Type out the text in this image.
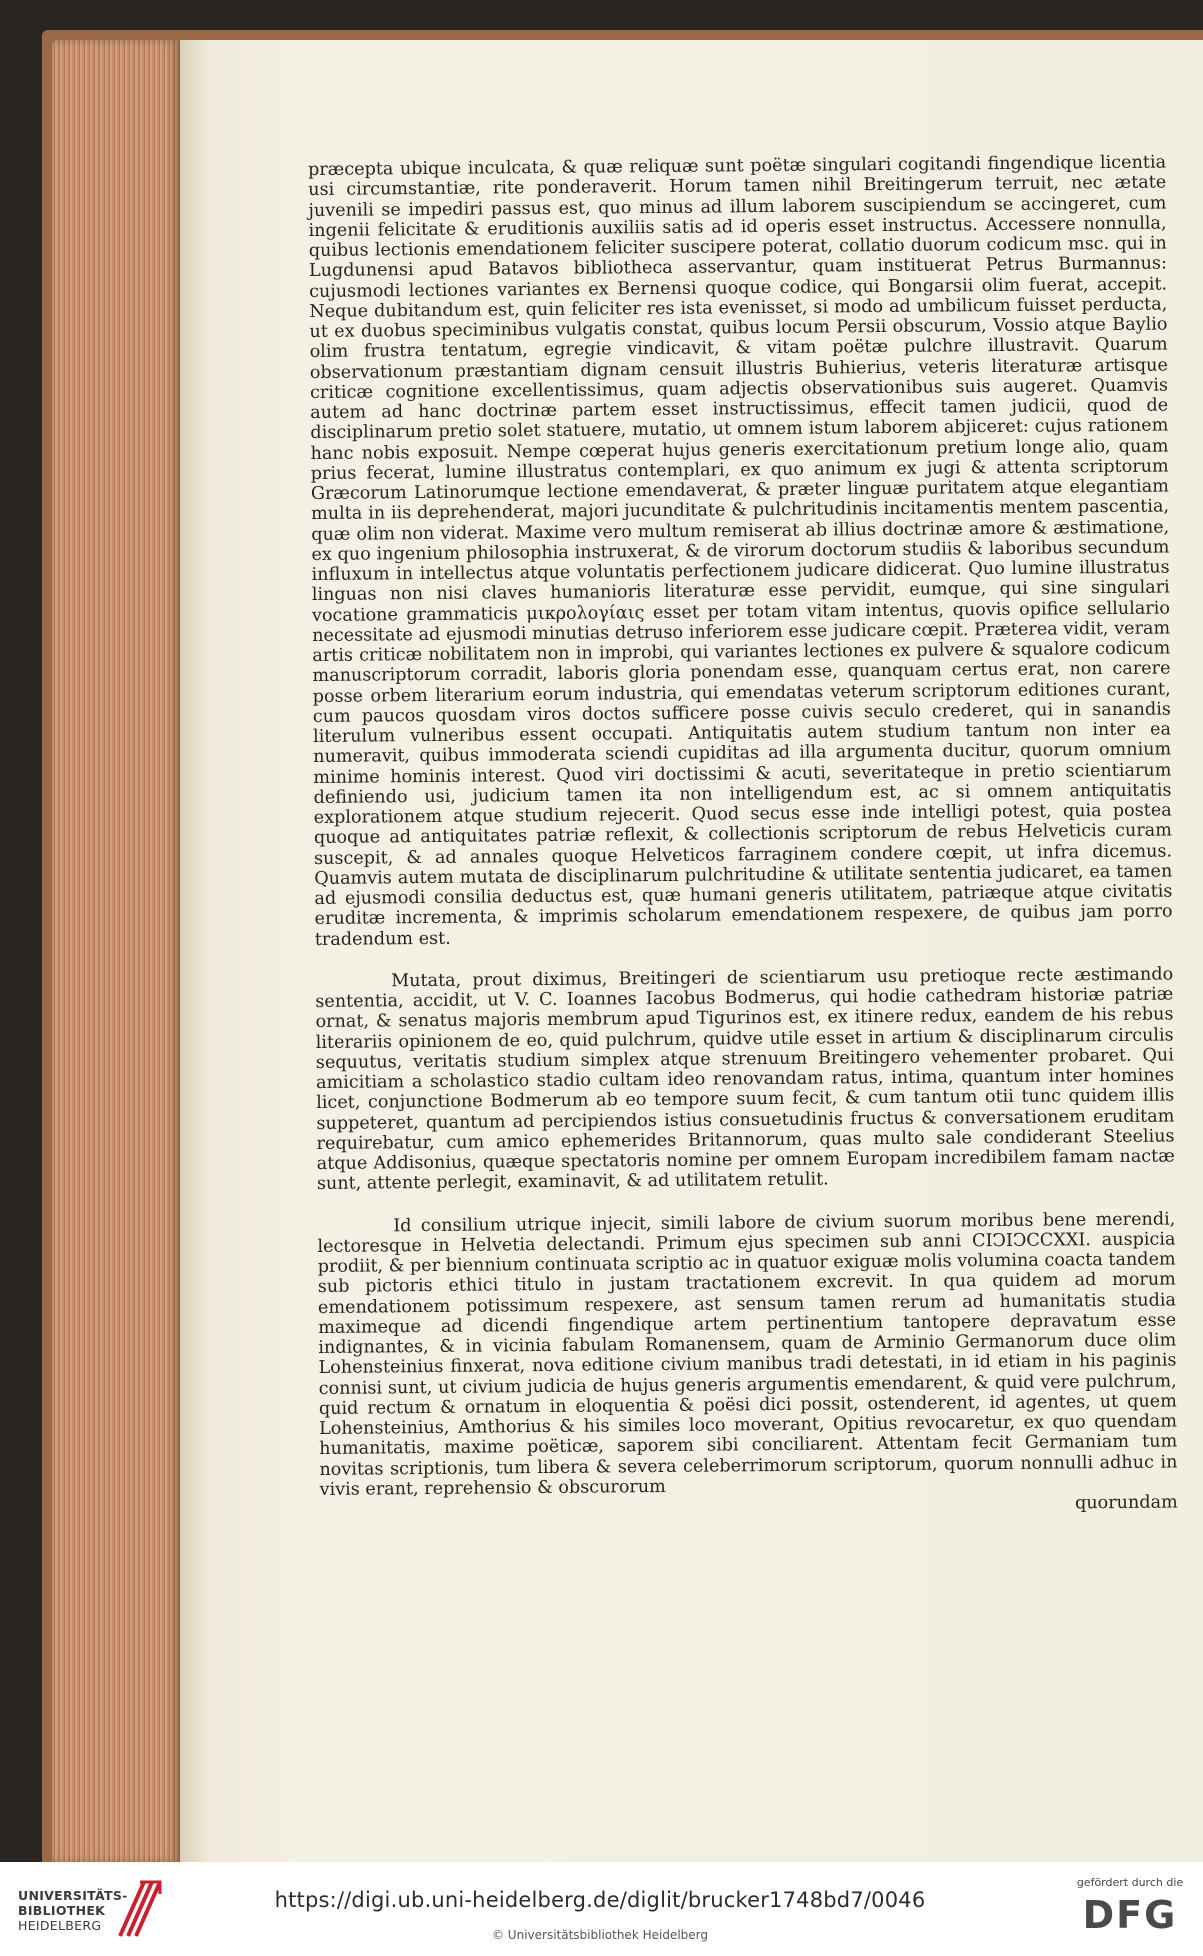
præcepta ubique inculcata, & quæ reliquæ sunt poëtæ singulari cogitandi fingendique licentia usi circumstantiæ, rite ponderaverit. Horum tamen nihil Breitingerum terruit, nec ætate juvenili se impediri passus est, quo minus ad illum laborem suscipiendum se accingeret, cum ingenii felicitate & eruditionis auxiliis satis ad id operis esset instructus. Accessere nonnulla, quibus lectionis emendationem feliciter suscipere poterat, collatio duorum codicum msc. qui in Lugdunensi apud Batavos bibliotheca asservantur, quam instituerat Petrus Burmannus: cujusmodi lectiones variantes ex Bernensi quoque codice, qui Bongarsii olim fuerat, accepit. Neque dubitandum est, quin feliciter res ista evenisset, si modo ad umbilicum fuisset perducta, ut ex duobus speciminibus vulgatis constat, quibus locum Persii obscurum, Vossio atque Baylio olim frustra tentatum, egregie vindicavit, & vitam poëtæ pulchre illustravit. Quarum observationum præstantiam dignam censuit illustris Buhierius, veteris literaturæ artisque criticæ cognitione excellentissimus, quam adjectis observationibus suis augeret. Quamvis autem ad hanc doctrinæ partem esset instructissimus, effecit tamen judicii, quod de disciplinarum pretio solet statuere, mutatio, ut omnem istum laborem abjiceret: cujus rationem hanc nobis exposuit. Nempe cœperat hujus generis exercitationum pretium longe alio, quam prius fecerat, lumine illustratus contemplari, ex quo animum ex jugi & attenta scriptorum Græcorum Latinorumque lectione emendaverat, & præter linguæ puritatem atque elegantiam multa in iis deprehenderat, majori jucunditate & pulchritudinis incitamentis mentem pascentia, quæ olim non viderat. Maxime vero multum remiserat ab illius doctrinæ amore & æstimatione, ex quo ingenium philosophia instruxerat, & de virorum doctorum studiis & laboribus secundum influxum in intellectus atque voluntatis perfectionem judicare didicerat. Quo lumine illustratus linguas non nisi claves humanioris literaturæ esse pervidit, eumque, qui sine singulari vocatione grammaticis μικρολογίαις esset per totam vitam intentus, quovis opifice sellulario necessitate ad ejusmodi minutias detruso inferiorem esse judicare cœpit. Præterea vidit, veram artis criticæ nobilitatem non in improbi, qui variantes lectiones ex pulvere & squalore codicum manuscriptorum corradit, laboris gloria ponendam esse, quanquam certus erat, non carere posse orbem literarium eorum industria, qui emendatas veterum scriptorum editiones curant, cum paucos quosdam viros doctos sufficere posse cuivis seculo crederet, qui in sanandis literulum vulneribus essent occupati. Antiquitatis autem studium tantum non inter ea numeravit, quibus immoderata sciendi cupiditas ad illa argumenta ducitur, quorum omnium minime hominis interest. Quod viri doctissimi & acuti, severitateque in pretio scientiarum definiendo usi, judicium tamen ita non intelligendum est, ac si omnem antiquitatis explorationem atque studium rejecerit. Quod secus esse inde intelligi potest, quia postea quoque ad antiquitates patriæ reflexit, & collectionis scriptorum de rebus Helveticis curam suscepit, & ad annales quoque Helveticos farraginem condere cœpit, ut infra dicemus. Quamvis autem mutata de disciplinarum pulchritudine & utilitate sententia judicaret, ea tamen ad ejusmodi consilia deductus est, quæ humani generis utilitatem, patriæque atque civitatis eruditæ incrementa, & imprimis scholarum emendationem respexere, de quibus jam porro tradendum est.

Mutata, prout diximus, Breitingeri de scientiarum usu pretioque recte æstimando sententia, accidit, ut V. C. Ioannes Iacobus Bodmerus, qui hodie cathedram historiæ patriæ ornat, & senatus majoris membrum apud Tigurinos est, ex itinere redux, eandem de his rebus literariis opinionem de eo, quid pulchrum, quidve utile esset in artium & disciplinarum circulis sequutus, veritatis studium simplex atque strenuum Breitingero vehementer probaret. Qui amicitiam a scholastico stadio cultam ideo renovandam ratus, intima, quantum inter homines licet, conjunctione Bodmerum ab eo tempore suum fecit, & cum tantum otii tunc quidem illis suppeteret, quantum ad percipiendos istius consuetudinis fructus & conversationem eruditam requirebatur, cum amico ephemerides Britannorum, quas multo sale condiderant Steelius atque Addisonius, quæque spectatoris nomine per omnem Europam incredibilem famam nactæ sunt, attente perlegit, examinavit, & ad utilitatem retulit.

Id consilium utrique injecit, simili labore de civium suorum moribus bene merendi, lectoresque in Helvetia delectandi. Primum ejus specimen sub anni CIↃIↃCCXXI. auspicia prodiit, & per biennium continuata scriptio ac in quatuor exiguæ molis volumina coacta tandem sub pictoris ethici titulo in justam tractationem excrevit. In qua quidem ad morum emendationem potissimum respexere, ast sensum tamen rerum ad humanitatis studia maximeque ad dicendi fingendique artem pertinentium tantopere depravatum esse indignantes, & in vicinia fabulam Romanensem, quam de Arminio Germanorum duce olim Lohensteinius finxerat, nova editione civium manibus tradi detestati, in id etiam in his paginis connisi sunt, ut civium judicia de hujus generis argumentis emendarent, & quid vere pulchrum, quid rectum & ornatum in eloquentia & poësi dici possit, ostenderent, id agentes, ut quem Lohensteinius, Amthorius & his similes loco moverant, Opitius revocaretur, ex quo quendam humanitatis, maxime poëticæ, saporem sibi conciliarent. Attentam fecit Germaniam tum novitas scriptionis, tum libera & severa celeberrimorum scriptorum, quorum nonnulli adhuc in vivis erant, reprehensio & obscurorum

quorundam
UNIVERSITÄTS-
BIBLIOTHEK
HEIDELBERG
https://digi.ub.uni-heidelberg.de/diglit/brucker1748bd7/0046
© Universitätsbibliothek Heidelberg
gefördert durch die
DFG
